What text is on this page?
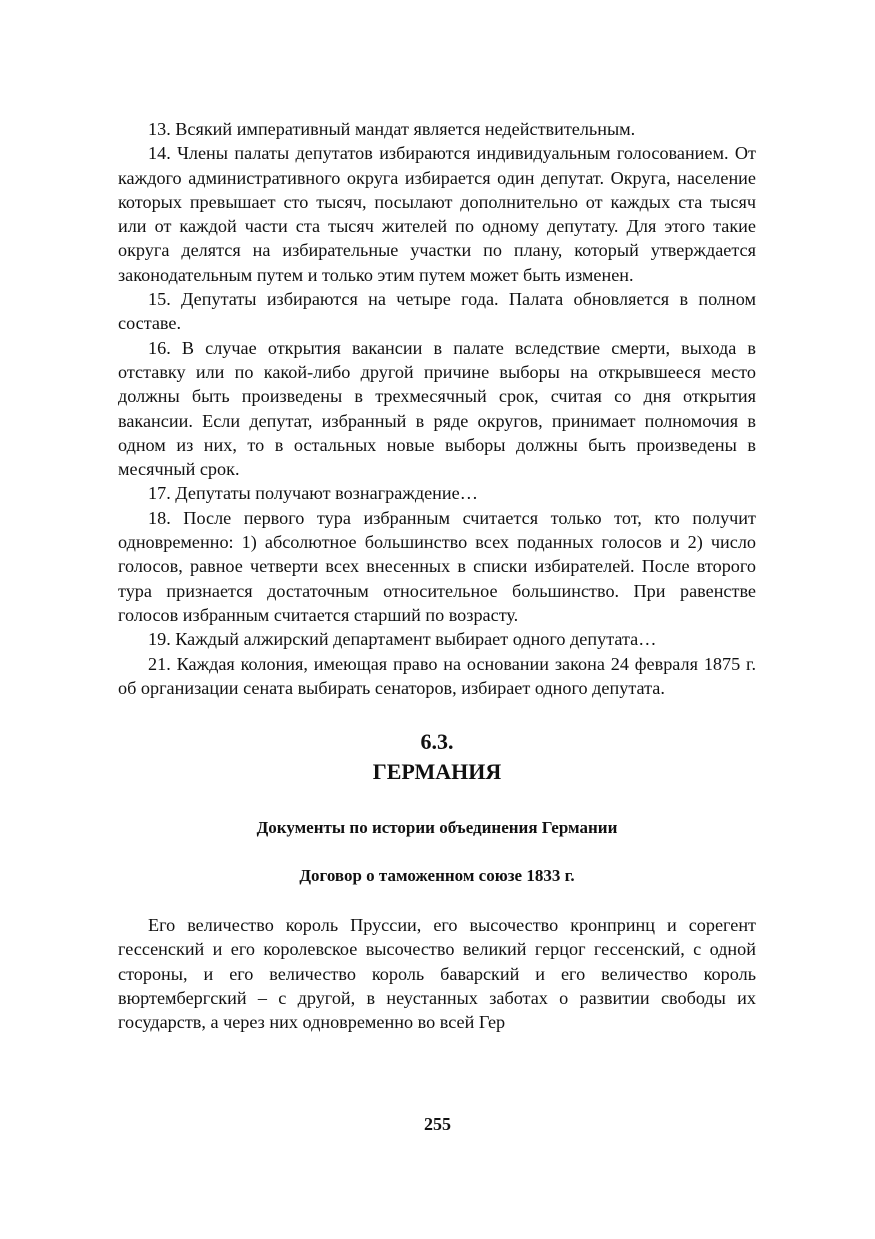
13. Всякий императивный мандат является недействительным.

14. Члены палаты депутатов избираются индивидуальным голосованием. От каждого административного округа избирается один депутат. Округа, население которых превышает сто тысяч, посылают дополнительно от каждых ста тысяч или от каждой части ста тысяч жителей по одному депутату. Для этого такие округа делятся на избирательные участки по плану, который утверждается законодательным путем и только этим путем может быть изменен.

15. Депутаты избираются на четыре года. Палата обновляется в полном составе.

16. В случае открытия вакансии в палате вследствие смерти, выхода в отставку или по какой-либо другой причине выборы на открывшееся место должны быть произведены в трехмесячный срок, считая со дня открытия вакансии. Если депутат, избранный в ряде округов, принимает полномочия в одном из них, то в остальных новые выборы должны быть произведены в месячный срок.

17. Депутаты получают вознаграждение…

18. После первого тура избранным считается только тот, кто получит одновременно: 1) абсолютное большинство всех поданных голосов и 2) число голосов, равное четверти всех внесенных в списки избирателей. После второго тура признается достаточным относительное большинство. При равенстве голосов избранным считается старший по возрасту.

19. Каждый алжирский департамент выбирает одного депутата…

21. Каждая колония, имеющая право на основании закона 24 февраля 1875 г. об организации сената выбирать сенаторов, избирает одного депутата.

6.3.
ГЕРМАНИЯ
Документы по истории объединения Германии
Договор о таможенном союзе 1833 г.

Его величество король Пруссии, его высочество кронпринц и сорегент гессенский и его королевское высочество великий герцог гессенский, с одной стороны, и его величество король баварский и его величество король вюртембергский – с другой, в неустанных заботах о развитии свободы их государств, а через них одновременно во всей Гер

255
